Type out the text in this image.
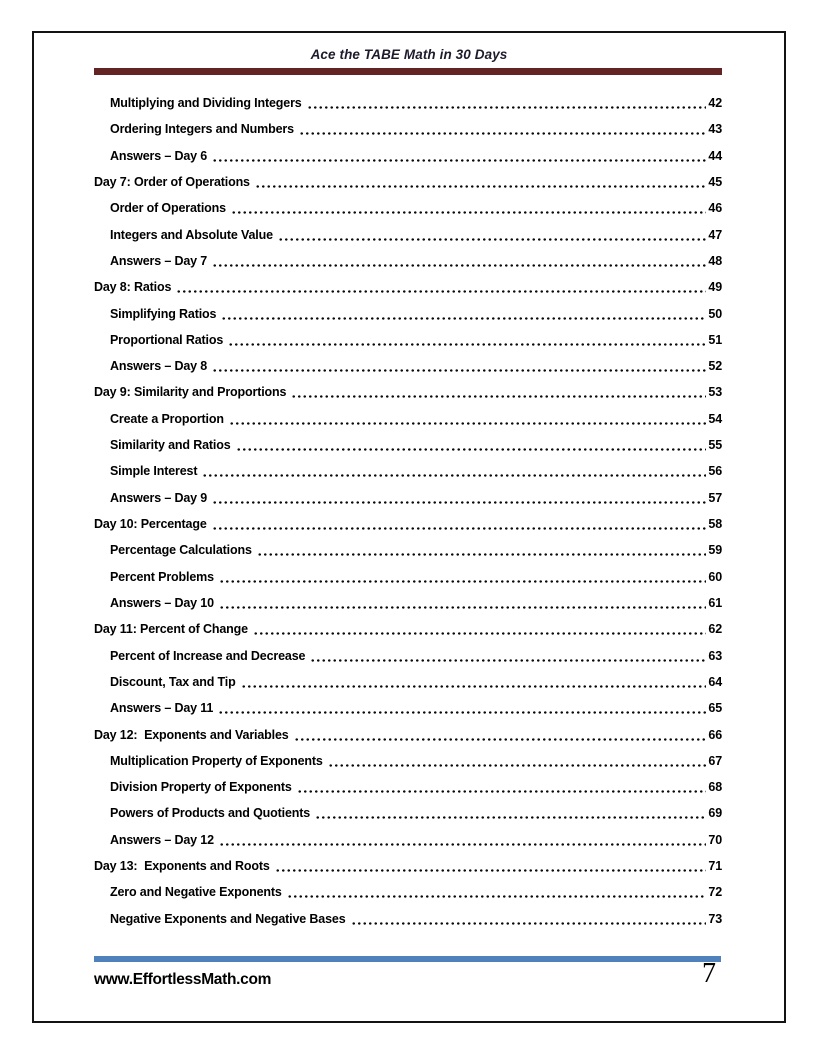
Ace the TABE Math in 30 Days
Multiplying and Dividing Integers	42
Ordering Integers and Numbers	43
Answers – Day 6	44
Day 7: Order of Operations	45
Order of Operations	46
Integers and Absolute Value	47
Answers – Day 7	48
Day 8: Ratios	49
Simplifying Ratios	50
Proportional Ratios	51
Answers – Day 8	52
Day 9: Similarity and Proportions	53
Create a Proportion	54
Similarity and Ratios	55
Simple Interest	56
Answers – Day 9	57
Day 10: Percentage	58
Percentage Calculations	59
Percent Problems	60
Answers – Day 10	61
Day 11: Percent of Change	62
Percent of Increase and Decrease	63
Discount, Tax and Tip	64
Answers – Day 11	65
Day 12:  Exponents and Variables	66
Multiplication Property of Exponents	67
Division Property of Exponents	68
Powers of Products and Quotients	69
Answers – Day 12	70
Day 13:  Exponents and Roots	71
Zero and Negative Exponents	72
Negative Exponents and Negative Bases	73
www.EffortlessMath.com	7
